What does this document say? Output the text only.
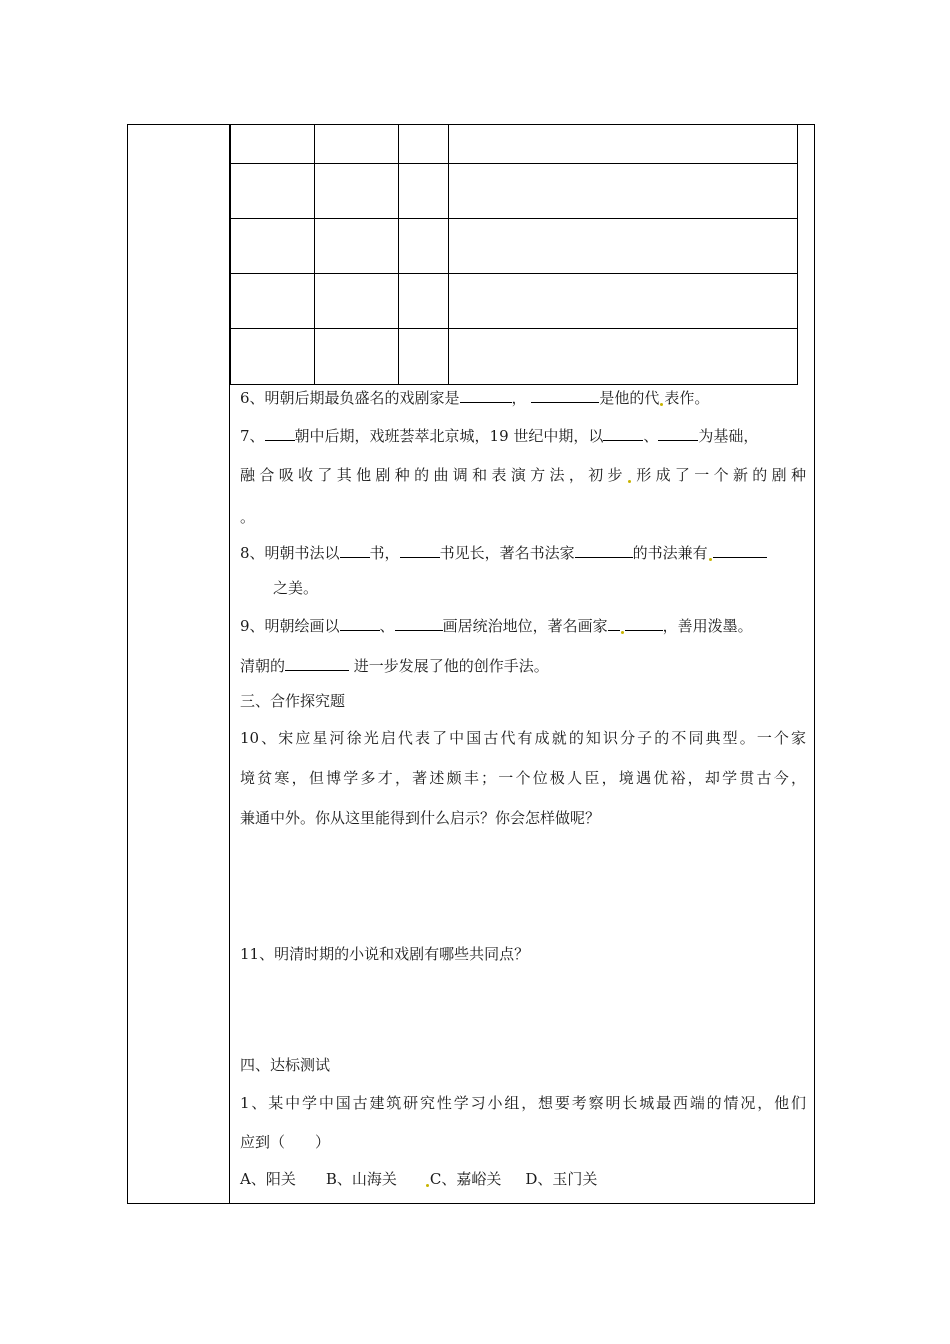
6、明朝后期最负盛名的戏剧家是	，	是他的代 表作。
7、 朝中后期，戏班荟萃北京城，19 世纪中期，以	、	为基础，
融合吸收了其他剧种的曲调和表演方法，初步 形成了一个新的剧种
。
8、明朝书法以 书，	书见长，著名书法家	的书法兼有
之美。
9、明朝绘画以	、	画居统治地位，著名画家	，善用泼墨。
清朝的	进一步发展了他的创作手法。
三、合作探究题
10、宋应星河徐光启代表了中国古代有成就的知识分子的不同典型。一个家
境贫寒，但博学多才，著述颇丰；一个位极人臣，境遇优裕，却学贯古今，
兼通中外。你从这里能得到什么启示？你会怎样做呢？
11、明清时期的小说和戏剧有哪些共同点？
四、达标测试
1、某中学中国古建筑研究性学习小组，想要考察明长城最西端的情况，他们
应到（　　）
A、阳关 B、山海关 C、嘉峪关 D、玉门关
